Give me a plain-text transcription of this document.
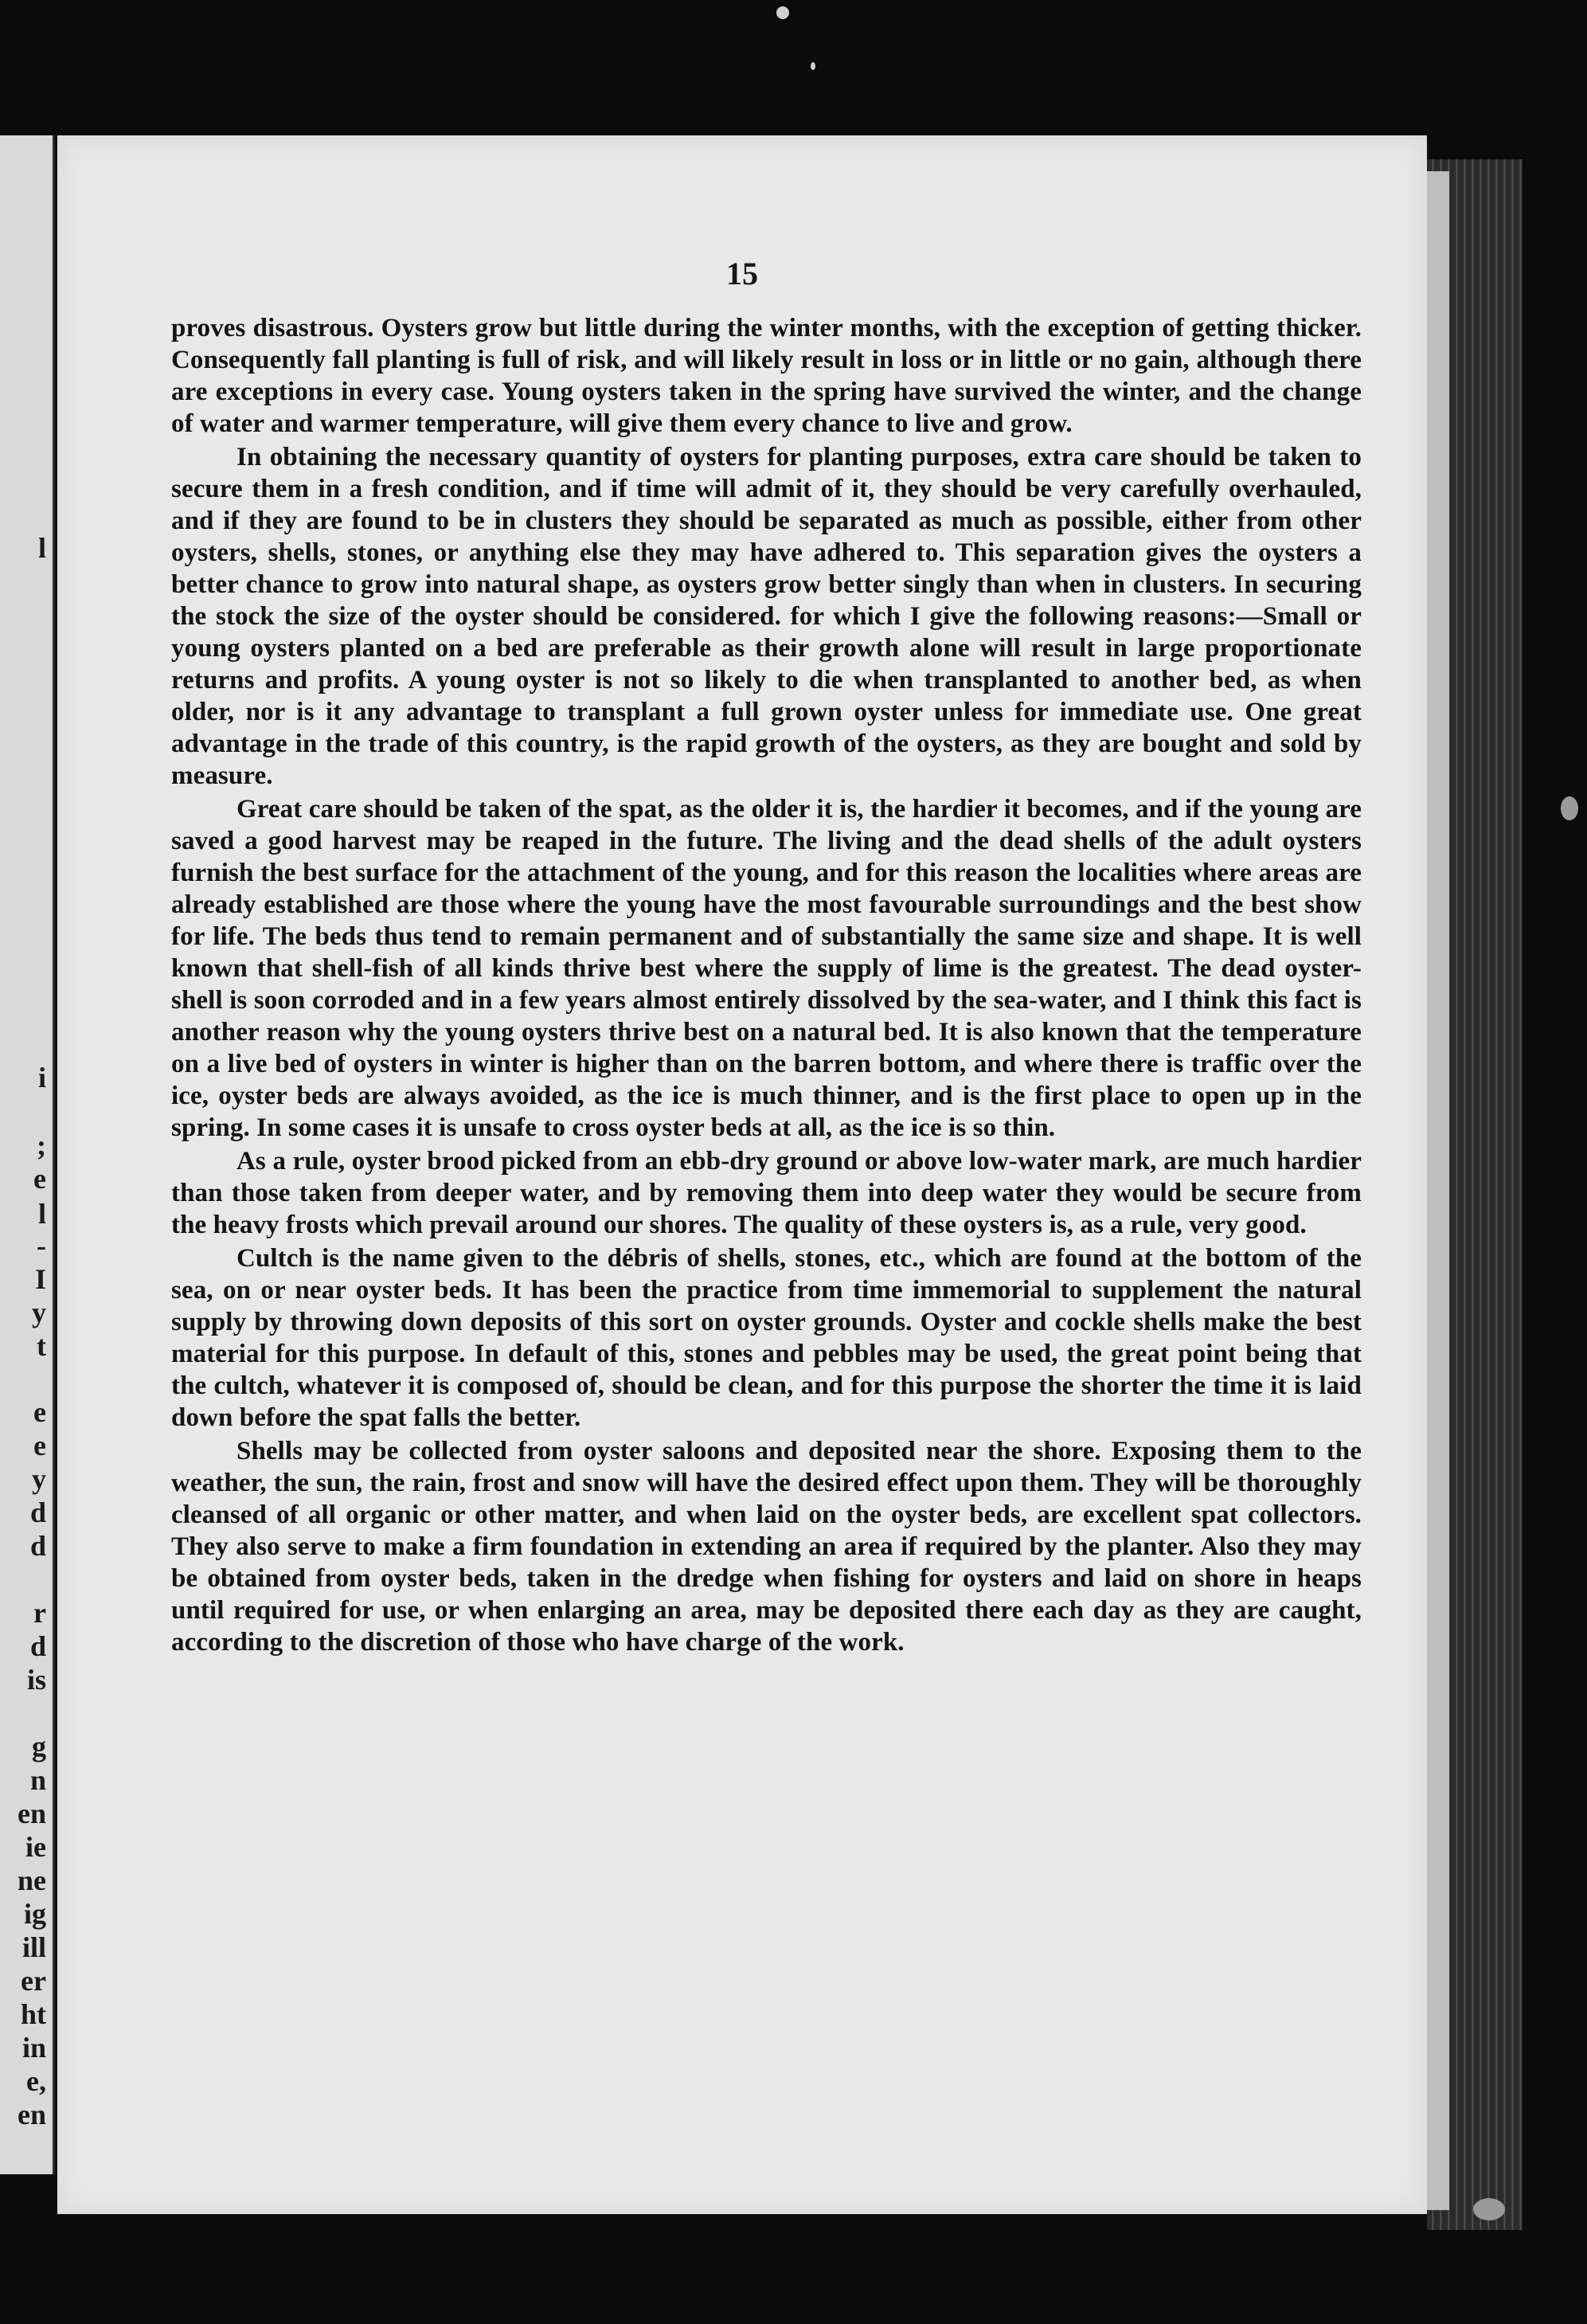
l
i
;
e
l
-
I
y
t
e
e
y
d
d
r
d
is
g
n
en
ie
ne
ig
ill
er
ht
in
e,
en
15

proves disastrous. Oysters grow but little during the winter months, with the exception of getting thicker. Consequently fall planting is full of risk, and will likely result in loss or in little or no gain, although there are exceptions in every case. Young oysters taken in the spring have survived the winter, and the change of water and warmer temperature, will give them every chance to live and grow.

In obtaining the necessary quantity of oysters for planting purposes, extra care should be taken to secure them in a fresh condition, and if time will admit of it, they should be very carefully overhauled, and if they are found to be in clusters they should be separated as much as possible, either from other oysters, shells, stones, or anything else they may have adhered to. This separation gives the oysters a better chance to grow into natural shape, as oysters grow better singly than when in clusters. In securing the stock the size of the oyster should be considered. for which I give the following reasons:—Small or young oysters planted on a bed are preferable as their growth alone will result in large proportionate returns and profits. A young oyster is not so likely to die when transplanted to another bed, as when older, nor is it any advantage to transplant a full grown oyster unless for immediate use. One great advantage in the trade of this country, is the rapid growth of the oysters, as they are bought and sold by measure.

Great care should be taken of the spat, as the older it is, the hardier it becomes, and if the young are saved a good harvest may be reaped in the future. The living and the dead shells of the adult oysters furnish the best surface for the attachment of the young, and for this reason the localities where areas are already established are those where the young have the most favourable surroundings and the best show for life. The beds thus tend to remain permanent and of substantially the same size and shape. It is well known that shell-fish of all kinds thrive best where the supply of lime is the greatest. The dead oyster-shell is soon corroded and in a few years almost entirely dissolved by the sea-water, and I think this fact is another reason why the young oysters thrive best on a natural bed. It is also known that the temperature on a live bed of oysters in winter is higher than on the barren bottom, and where there is traffic over the ice, oyster beds are always avoided, as the ice is much thinner, and is the first place to open up in the spring. In some cases it is unsafe to cross oyster beds at all, as the ice is so thin.

As a rule, oyster brood picked from an ebb-dry ground or above low-water mark, are much hardier than those taken from deeper water, and by removing them into deep water they would be secure from the heavy frosts which prevail around our shores. The quality of these oysters is, as a rule, very good.

Cultch is the name given to the débris of shells, stones, etc., which are found at the bottom of the sea, on or near oyster beds. It has been the practice from time immemorial to supplement the natural supply by throwing down deposits of this sort on oyster grounds. Oyster and cockle shells make the best material for this purpose. In default of this, stones and pebbles may be used, the great point being that the cultch, whatever it is composed of, should be clean, and for this purpose the shorter the time it is laid down before the spat falls the better.

Shells may be collected from oyster saloons and deposited near the shore. Exposing them to the weather, the sun, the rain, frost and snow will have the desired effect upon them. They will be thoroughly cleansed of all organic or other matter, and when laid on the oyster beds, are excellent spat collectors. They also serve to make a firm foundation in extending an area if required by the planter. Also they may be obtained from oyster beds, taken in the dredge when fishing for oysters and laid on shore in heaps until required for use, or when enlarging an area, may be deposited there each day as they are caught, according to the discretion of those who have charge of the work.
